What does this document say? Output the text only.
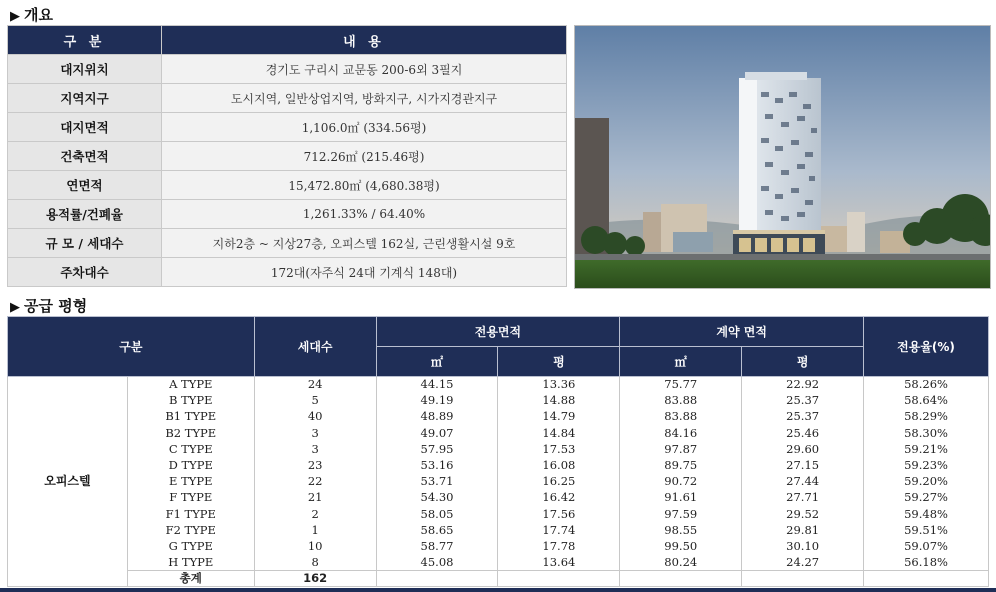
▶ 개요
구 분	내 용
대지위치	경기도 구리시 교문동 200-6외 3필지
지역지구	도시지역, 일반상업지역, 방화지구, 시가지경관지구
대지면적	1,106.0㎡ (334.56평)
건축면적	712.26㎡ (215.46평)
연면적	15,472.80㎡ (4,680.38평)
용적률/건폐율	1,261.33% / 64.40%
규 모 / 세대수	지하2층 ~ 지상27층, 오피스텔 162실, 근린생활시설 9호
주차대수	172대(자주식 24대 기계식 148대)
▶ 공급 평형
구분		세대수	전용면적		계약 면적		전용율(%)
			㎡	평	㎡	평	
오피스텔	A TYPE	24	44.15	13.36	75.77	22.92	58.26%
	B TYPE	5	49.19	14.88	83.88	25.37	58.64%
	B1 TYPE	40	48.89	14.79	83.88	25.37	58.29%
	B2 TYPE	3	49.07	14.84	84.16	25.46	58.30%
	C TYPE	3	57.95	17.53	97.87	29.60	59.21%
	D TYPE	23	53.16	16.08	89.75	27.15	59.23%
	E TYPE	22	53.71	16.25	90.72	27.44	59.20%
	F TYPE	21	54.30	16.42	91.61	27.71	59.27%
	F1 TYPE	2	58.05	17.56	97.59	29.52	59.48%
	F2 TYPE	1	58.65	17.74	98.55	29.81	59.51%
	G TYPE	10	58.77	17.78	99.50	30.10	59.07%
	H TYPE	8	45.08	13.64	80.24	24.27	56.18%
	총계	162					
